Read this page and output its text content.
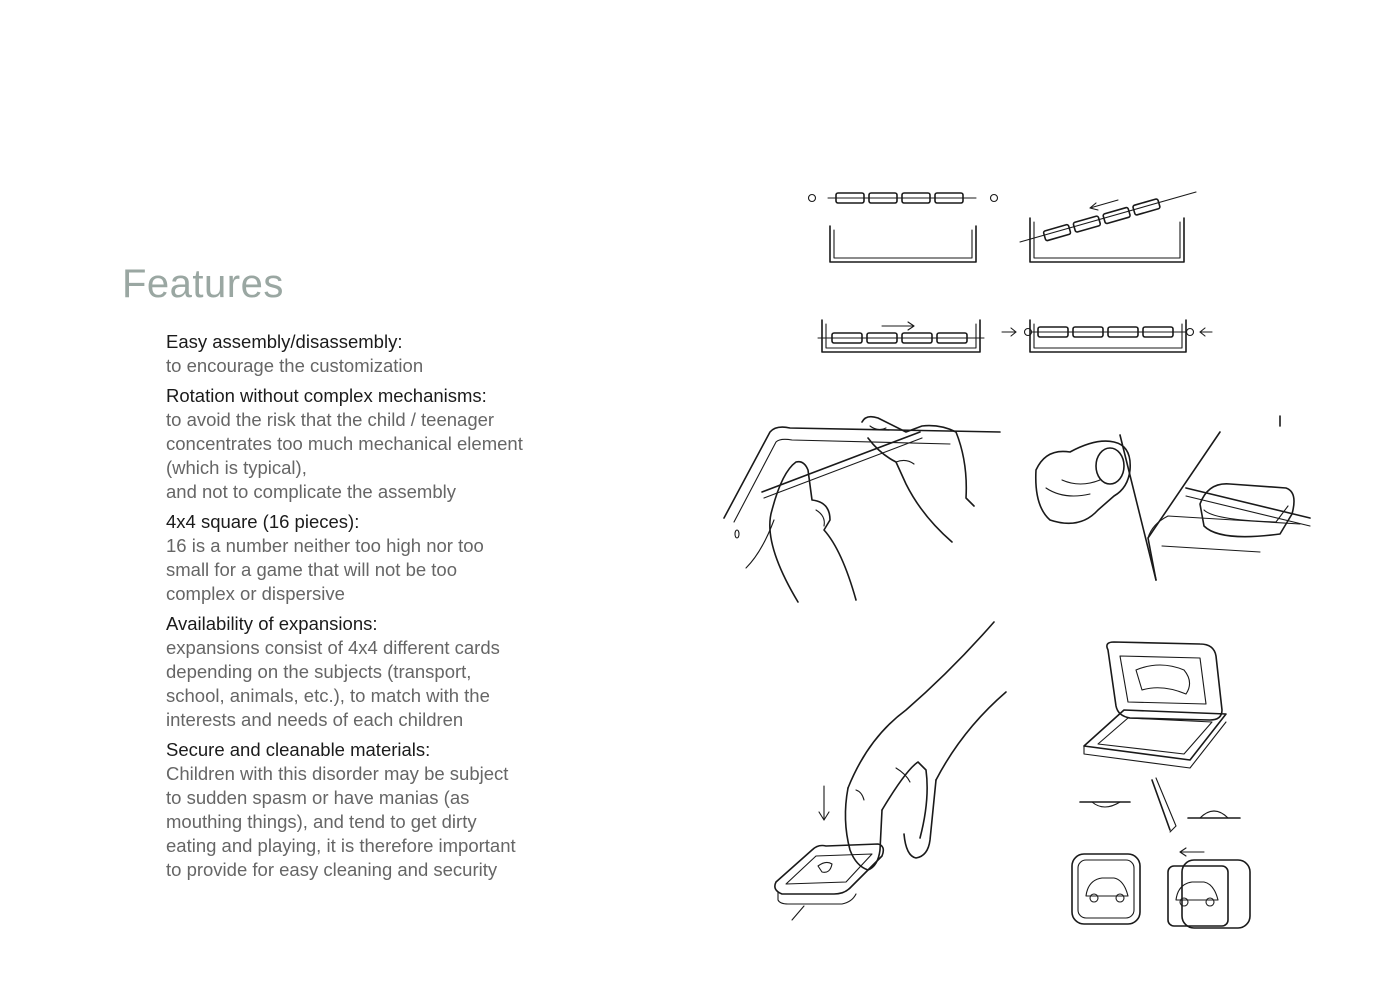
Features
Easy assembly/disassembly:
to encourage the customization
Rotation without complex mechanisms:
to avoid the risk that the child / teenager
concentrates too much mechanical element
(which is typical),
and not to complicate the assembly
4x4 square (16 pieces):
16 is a number neither too high nor too
small for a game that will not be too
complex or dispersive
Availability of expansions:
expansions consist of 4x4 different cards
depending on the subjects (transport,
school, animals, etc.), to match with the
interests and needs of each children
Secure and cleanable materials:
Children with this disorder may be subject
to sudden spasm or have manias (as
mouthing things), and tend to get dirty
eating and playing, it is therefore important
to provide for easy cleaning and security
